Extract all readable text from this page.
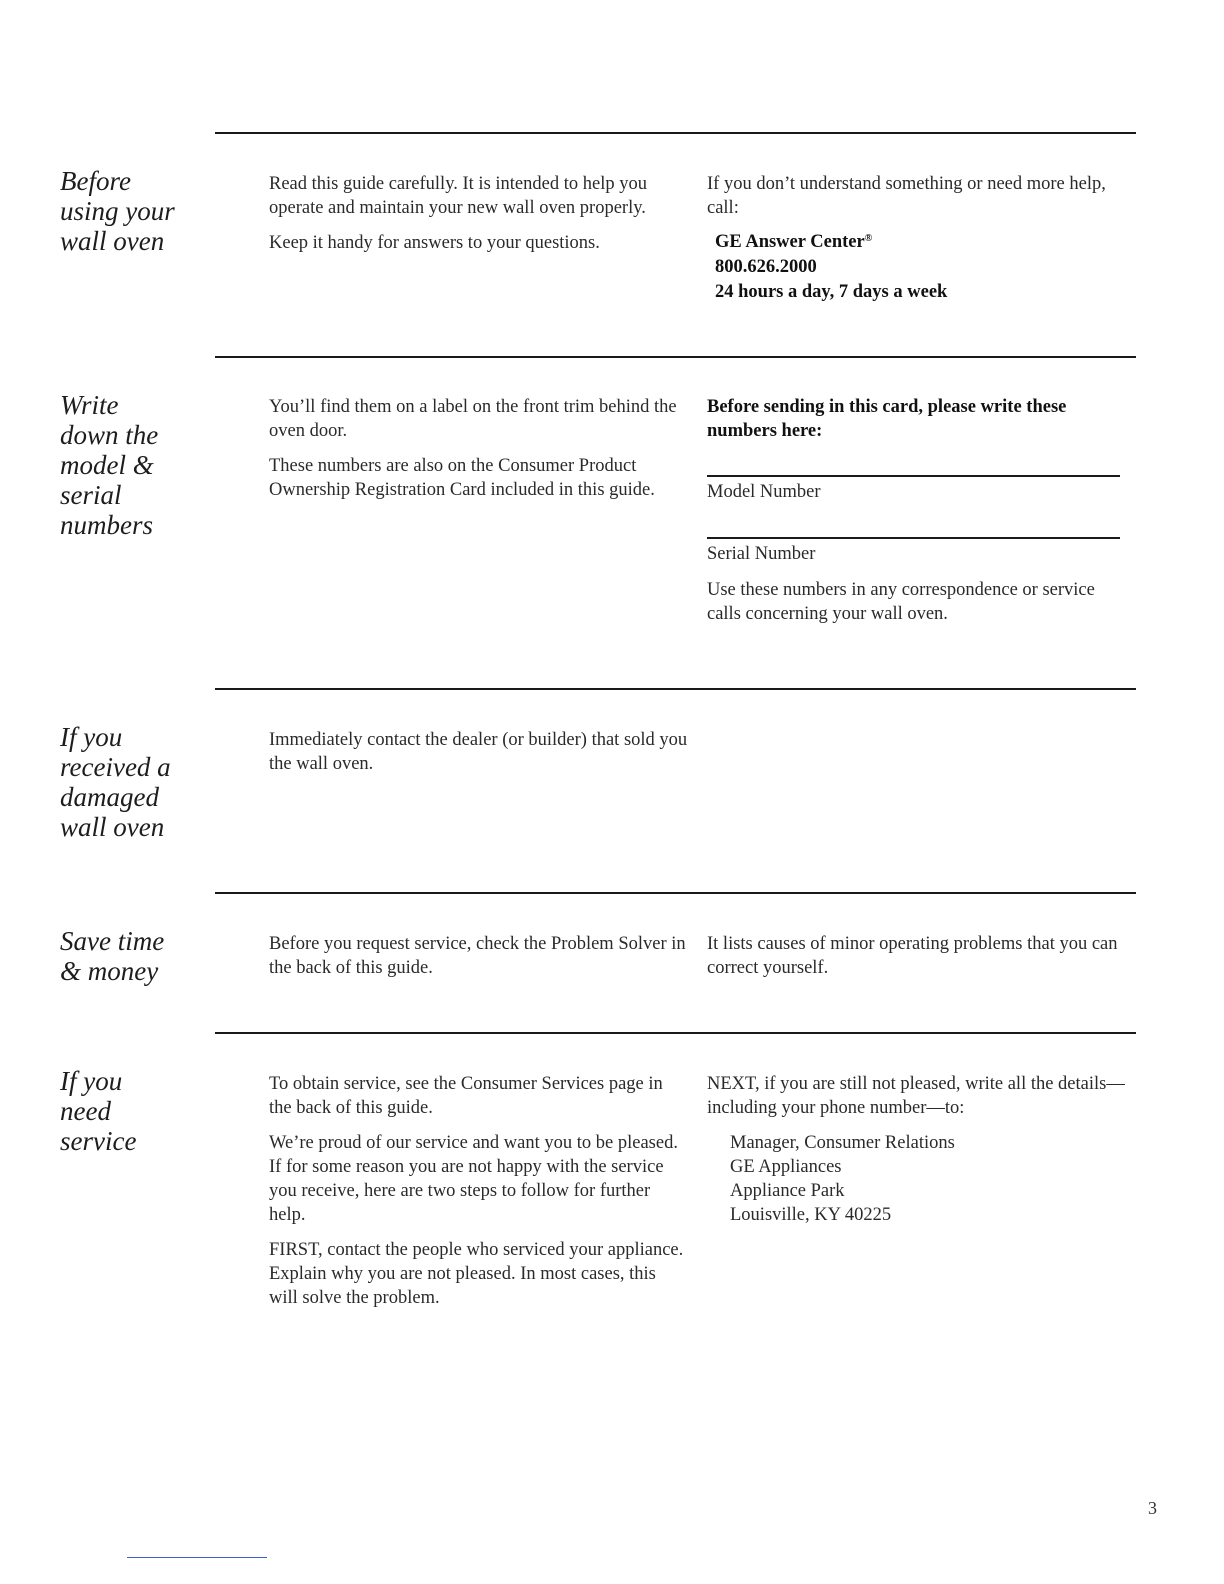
Before
using your
wall oven

Read this guide carefully. It is intended to help you operate and maintain your new wall oven properly.

Keep it handy for answers to your questions.

If you don’t understand something or need more help, call:

GE Answer Center®
800.626.2000
24 hours a day, 7 days a week
Write
down the
model &
serial
numbers

You’ll find them on a label on the front trim behind the oven door.

These numbers are also on the Consumer Product Ownership Registration Card included in this guide.

Before sending in this card, please write these numbers here:

Model Number
Serial Number

Use these numbers in any correspondence or service calls concerning your wall oven.

If you
received a
damaged
wall oven

Immediately contact the dealer (or builder) that sold you the wall oven.

Save time
& money

Before you request service, check the Problem Solver in the back of this guide.

It lists causes of minor operating problems that you can correct yourself.

If you
need
service

To obtain service, see the Consumer Services page in the back of this guide.

We’re proud of our service and want you to be pleased. If for some reason you are not happy with the service you receive, here are two steps to follow for further help.

FIRST, contact the people who serviced your appliance. Explain why you are not pleased. In most cases, this will solve the problem.

NEXT, if you are still not pleased, write all the details—including your phone number—to:

Manager, Consumer Relations
GE Appliances
Appliance Park
Louisville, KY 40225
3
